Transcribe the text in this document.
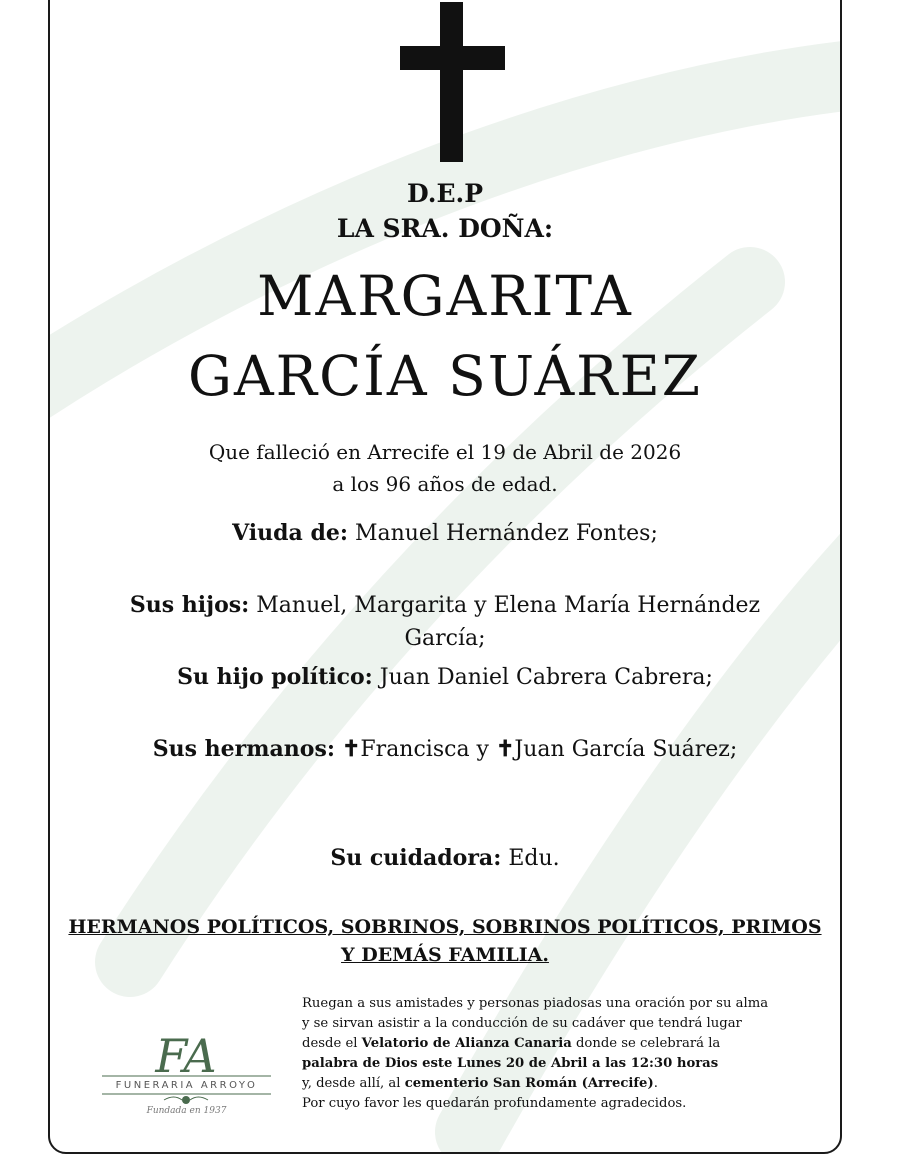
D.E.P
LA SRA. DOÑA:
MARGARITA
GARCÍA SUÁREZ
Que falleció en Arrecife el 19 de Abril de 2026
a los 96 años de edad.
Viuda de: Manuel Hernández Fontes;
Sus hijos: Manuel, Margarita y Elena María Hernández
García;
Su hijo político: Juan Daniel Cabrera Cabrera;
Sus hermanos: ✝Francisca y ✝Juan García Suárez;
Su cuidadora: Edu.
HERMANOS POLÍTICOS, SOBRINOS, SOBRINOS POLÍTICOS, PRIMOS
Y DEMÁS FAMILIA.
FA
FUNERARIA ARROYO
Fundada en 1937

Ruegan a sus amistades y personas piadosas una oración por su alma

y se sirvan asistir a la conducción de su cadáver que tendrá lugar

desde el Velatorio de Alianza Canaria donde se celebrará la

palabra de Dios este Lunes 20 de Abril a las 12:30 horas

y, desde allí, al cementerio San Román (Arrecife).

Por cuyo favor les quedarán profundamente agradecidos.
